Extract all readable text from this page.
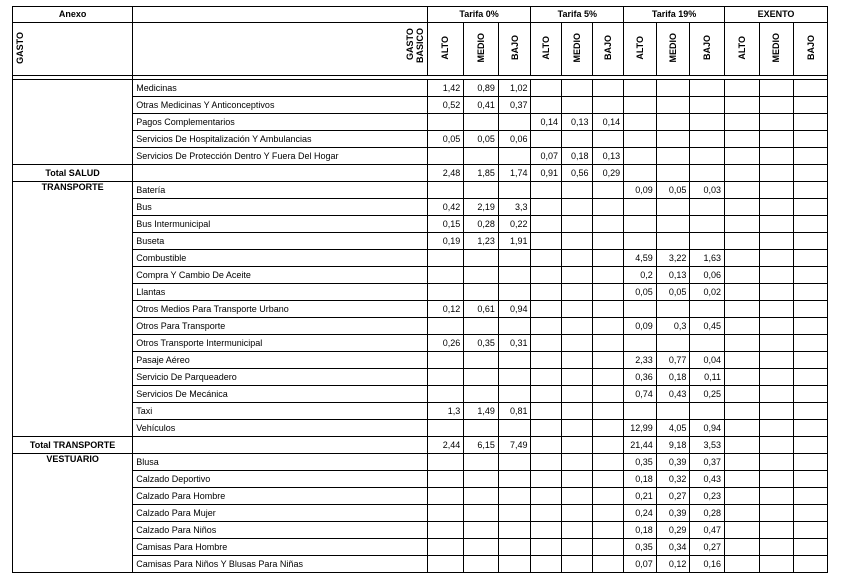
Anexo		Tarifa 0%			Tarifa 5%			Tarifa 19%			EXENTO		
GASTO	GASTO BASICO	ALTO	MEDIO	BAJO	ALTO	MEDIO	BAJO	ALTO	MEDIO	BAJO	ALTO	MEDIO	BAJO

	Medicinas	1,42	0,89	1,02									
	Otras Medicinas Y Anticonceptivos	0,52	0,41	0,37									
	Pagos Complementarios				0,14	0,13	0,14						
	Servicios De Hospitalización Y Ambulancias	0,05	0,05	0,06									
	Servicios De Protección Dentro Y Fuera Del Hogar				0,07	0,18	0,13						
Total SALUD		2,48	1,85	1,74	0,91	0,56	0,29						
TRANSPORTE	Batería							0,09	0,05	0,03			
	Bus	0,42	2,19	3,3									
	Bus Intermunicipal	0,15	0,28	0,22									
	Buseta	0,19	1,23	1,91									
	Combustible							4,59	3,22	1,63			
	Compra Y Cambio De Aceite							0,2	0,13	0,06			
	Llantas							0,05	0,05	0,02			
	Otros Medios Para Transporte Urbano	0,12	0,61	0,94									
	Otros Para Transporte							0,09	0,3	0,45			
	Otros Transporte Intermunicipal	0,26	0,35	0,31									
	Pasaje Aéreo							2,33	0,77	0,04			
	Servicio De Parqueadero							0,36	0,18	0,11			
	Servicios De Mecánica							0,74	0,43	0,25			
	Taxi	1,3	1,49	0,81									
	Vehículos							12,99	4,05	0,94			
Total TRANSPORTE		2,44	6,15	7,49				21,44	9,18	3,53			
VESTUARIO	Blusa							0,35	0,39	0,37			
	Calzado Deportivo							0,18	0,32	0,43			
	Calzado Para Hombre							0,21	0,27	0,23			
	Calzado Para Mujer							0,24	0,39	0,28			
	Calzado Para Niños							0,18	0,29	0,47			
	Camisas Para Hombre							0,35	0,34	0,27			
	Camisas Para Niños Y Blusas Para Niñas							0,07	0,12	0,16			
